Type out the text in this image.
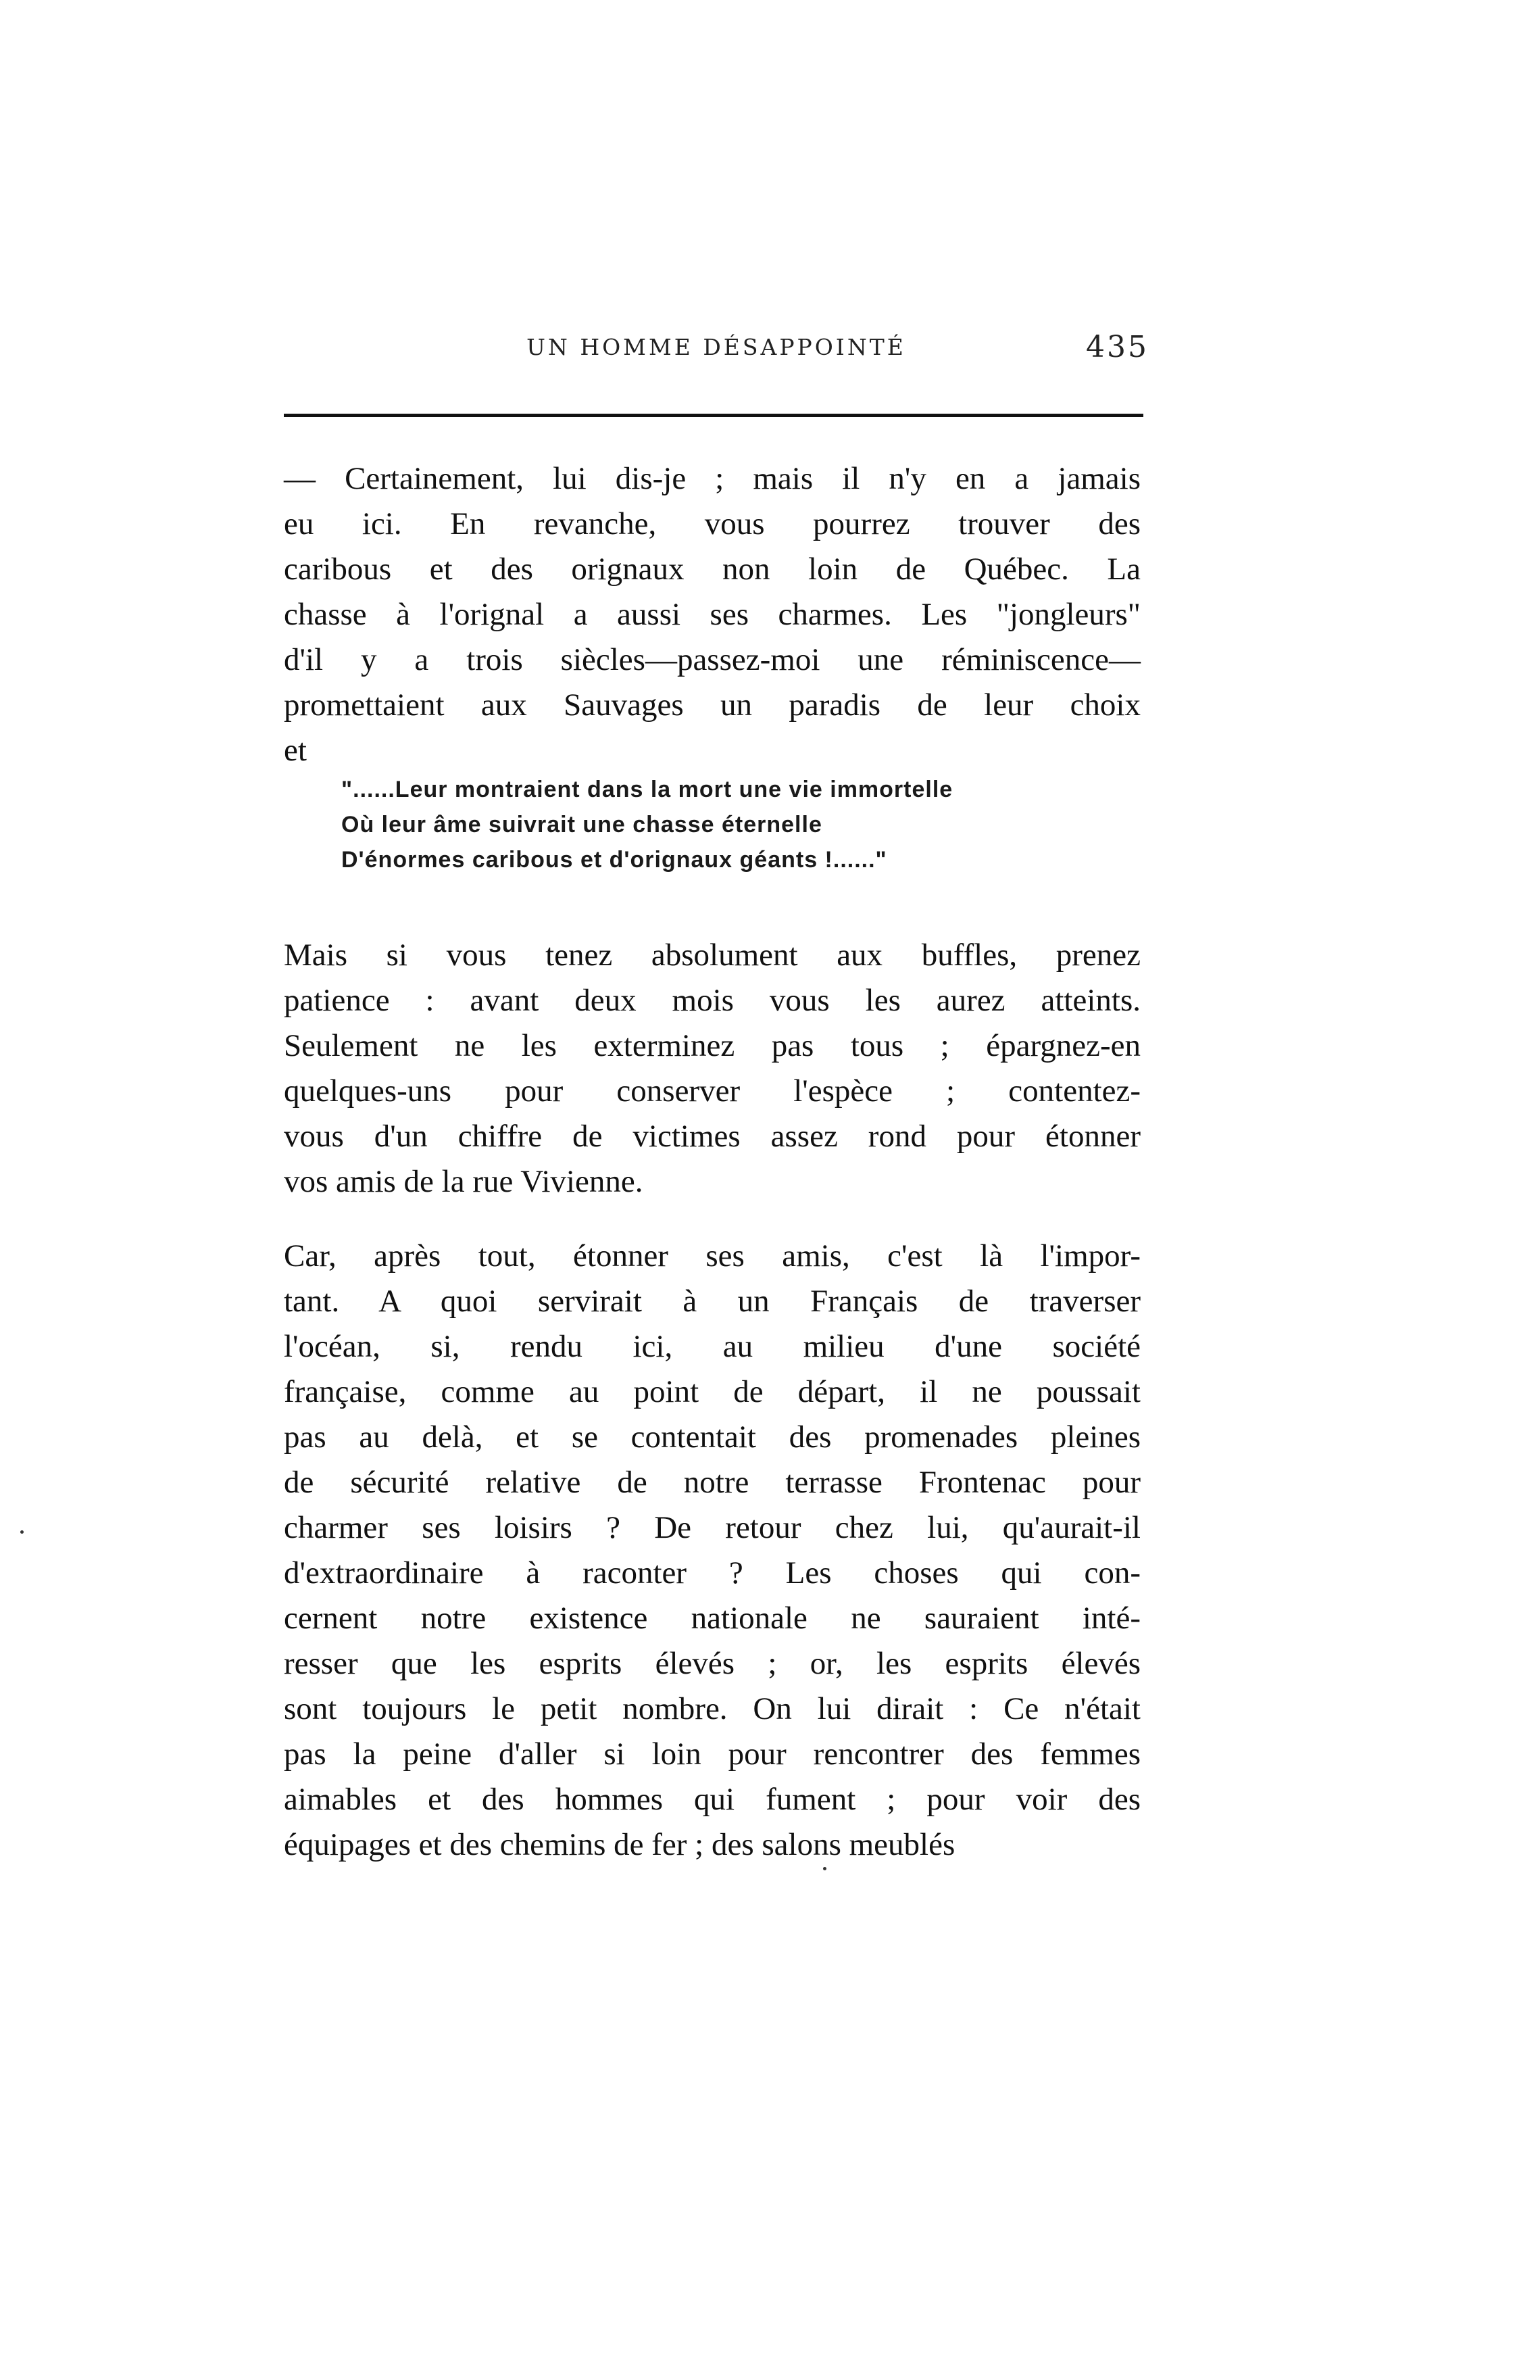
UN HOMME DÉSAPPOINTÉ	435

— Certainement, lui dis-je ; mais il n'y en a jamais
eu ici. En revanche, vous pourrez trouver des
caribous et des orignaux non loin de Québec. La
chasse à l'orignal a aussi ses charmes. Les "jongleurs"
d'il y a trois siècles—passez-moi une réminiscence—
promettaient aux Sauvages un paradis de leur choix
et

"......Leur montraient dans la mort une vie immortelle
Où leur âme suivrait une chasse éternelle
D'énormes caribous et d'orignaux géants !......"

Mais si vous tenez absolument aux buffles, prenez
patience : avant deux mois vous les aurez atteints.
Seulement ne les exterminez pas tous ; épargnez-en
quelques-uns pour conserver l'espèce ; contentez-
vous d'un chiffre de victimes assez rond pour étonner
vos amis de la rue Vivienne.

Car, après tout, étonner ses amis, c'est là l'impor-
tant. A quoi servirait à un Français de traverser
l'océan, si, rendu ici, au milieu d'une société
française, comme au point de départ, il ne poussait
pas au delà, et se contentait des promenades pleines
de sécurité relative de notre terrasse Frontenac pour
charmer ses loisirs ? De retour chez lui, qu'aurait-il
d'extraordinaire à raconter ? Les choses qui con-
cernent notre existence nationale ne sauraient inté-
resser que les esprits élevés ; or, les esprits élevés
sont toujours le petit nombre. On lui dirait : Ce n'était
pas la peine d'aller si loin pour rencontrer des femmes
aimables et des hommes qui fument ; pour voir des
équipages et des chemins de fer ; des salons meublés
